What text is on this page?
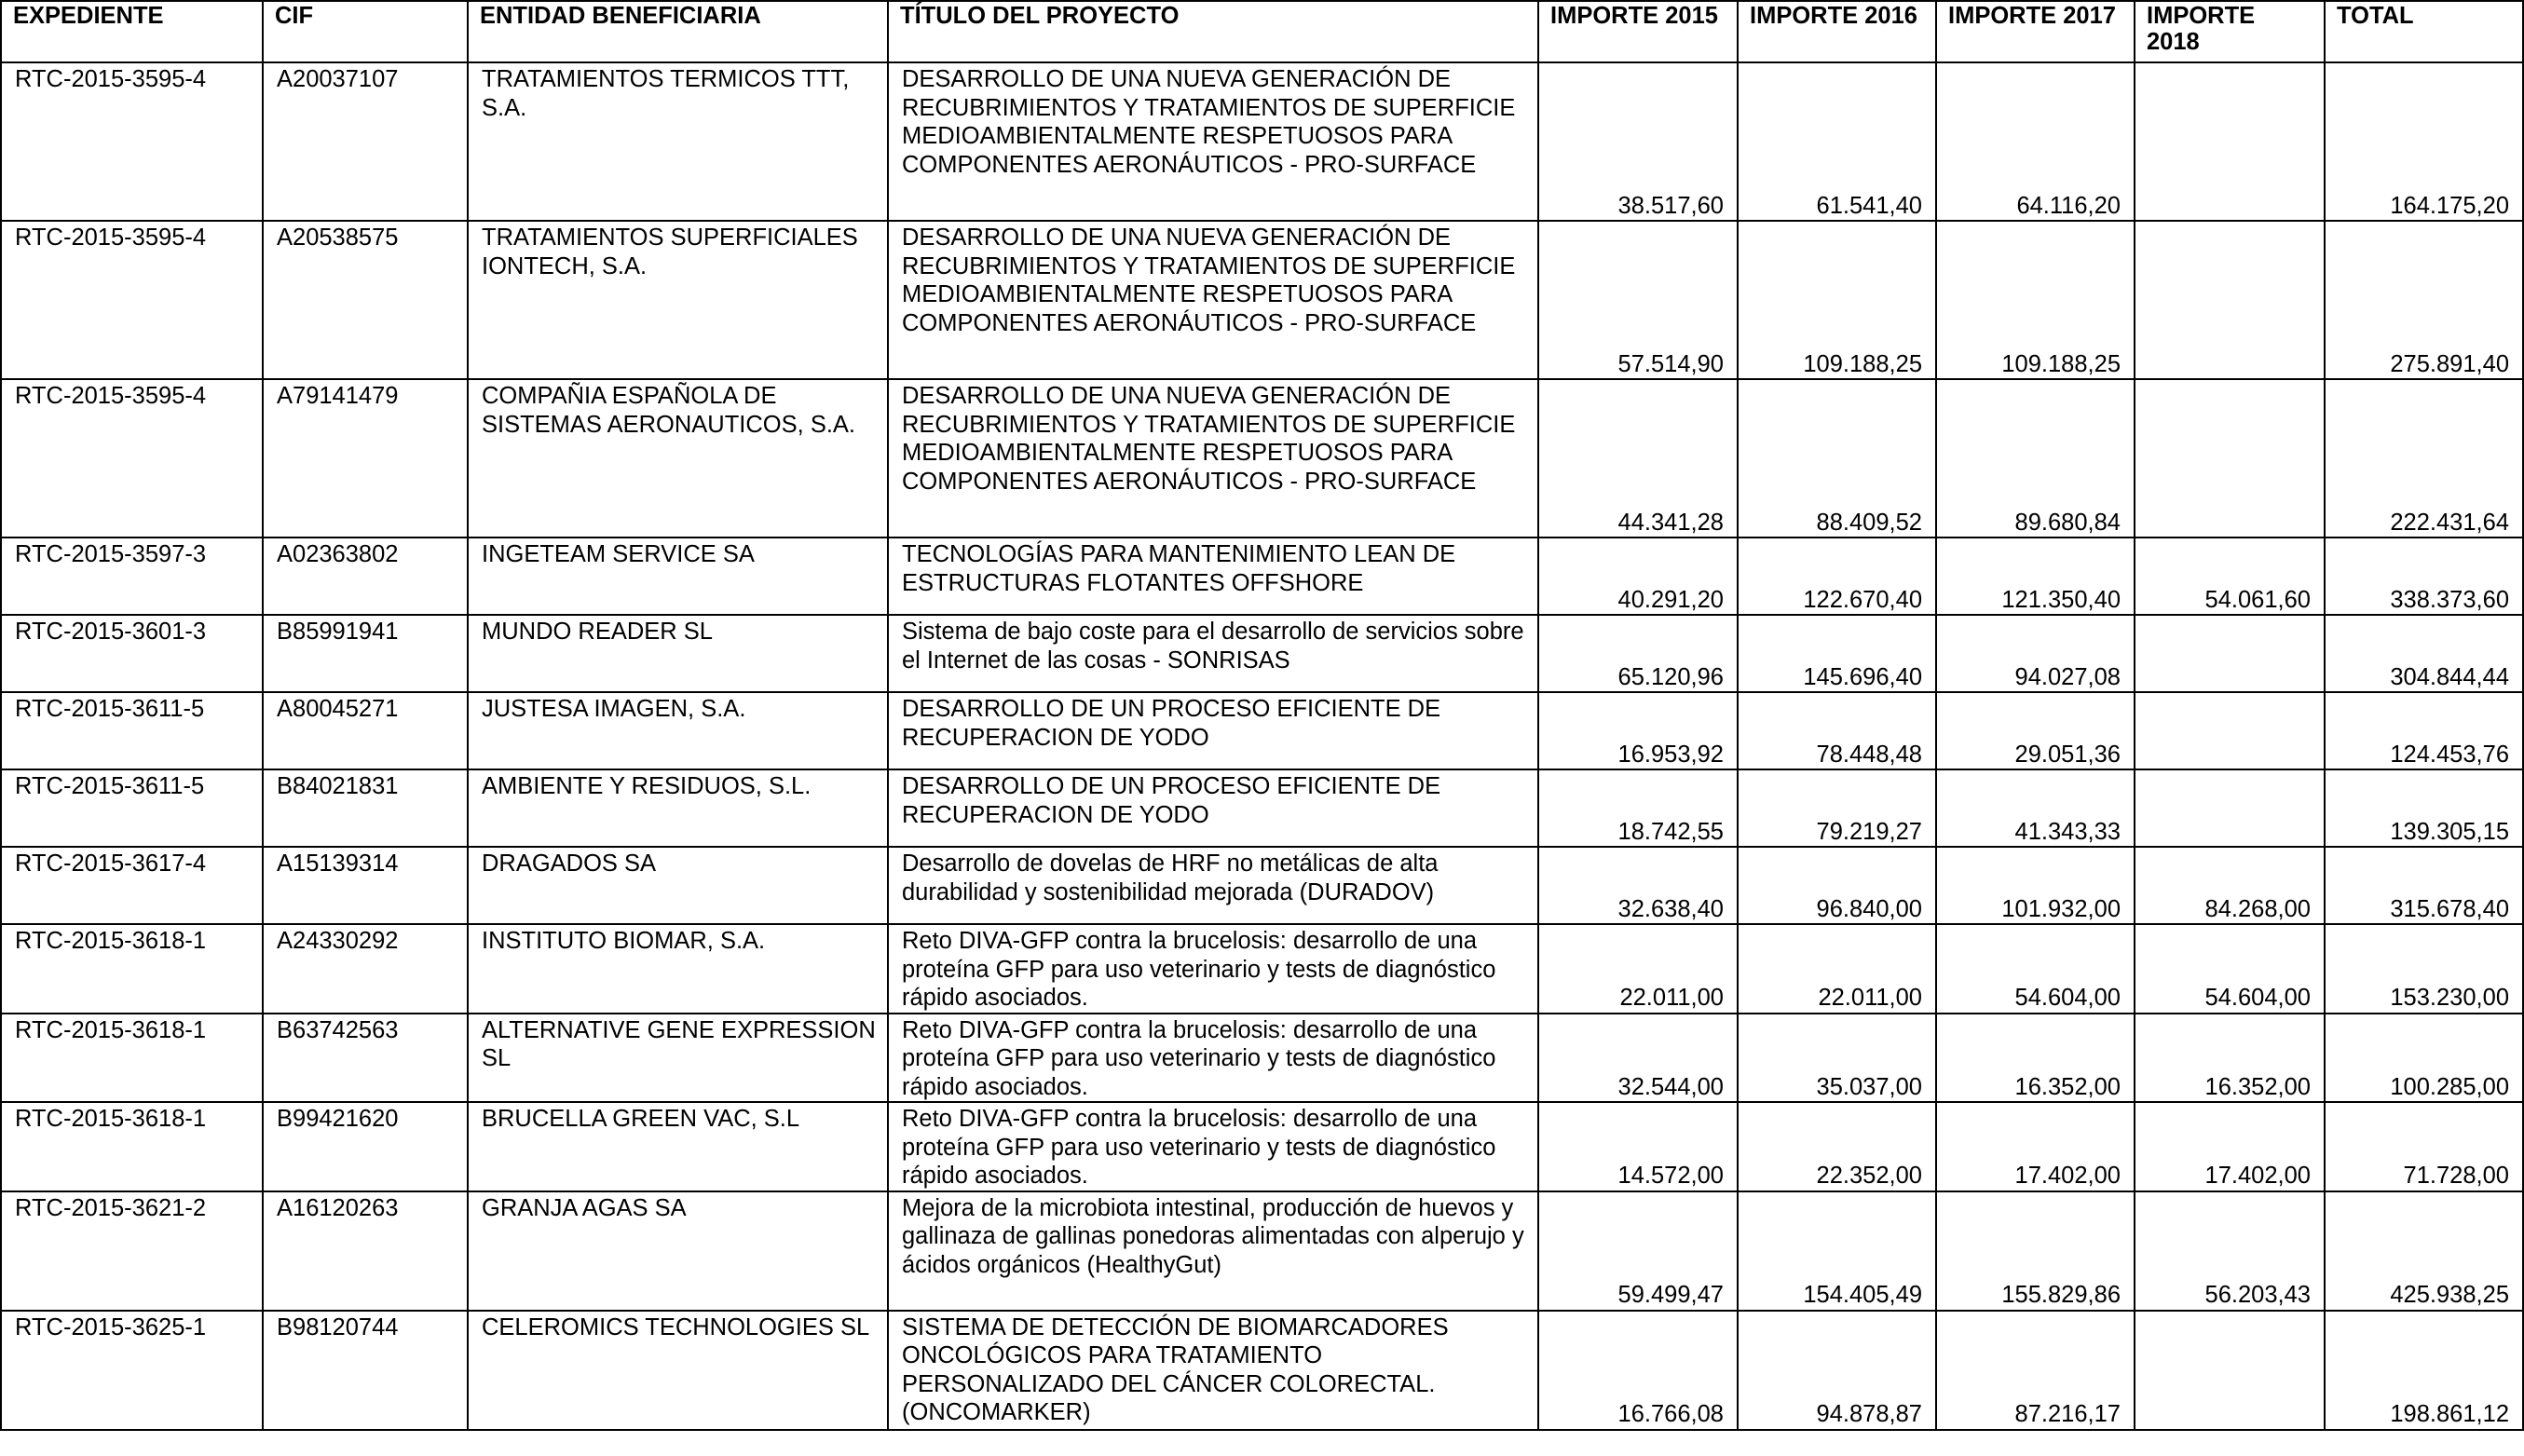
EXPEDIENTE	CIF	ENTIDAD BENEFICIARIA	TÍTULO DEL PROYECTO	IMPORTE 2015	IMPORTE 2016	IMPORTE 2017	IMPORTE 2018	TOTAL
RTC-2015-3595-4	A20037107	TRATAMIENTOS TERMICOS TTT, S.A.	DESARROLLO DE UNA NUEVA GENERACIÓN DE RECUBRIMIENTOS Y TRATAMIENTOS DE SUPERFICIE MEDIOAMBIENTALMENTE RESPETUOSOS PARA COMPONENTES AERONÁUTICOS - PRO-SURFACE	38.517,60	61.541,40	64.116,20		164.175,20
RTC-2015-3595-4	A20538575	TRATAMIENTOS SUPERFICIALES IONTECH, S.A.	DESARROLLO DE UNA NUEVA GENERACIÓN DE RECUBRIMIENTOS Y TRATAMIENTOS DE SUPERFICIE MEDIOAMBIENTALMENTE RESPETUOSOS PARA COMPONENTES AERONÁUTICOS - PRO-SURFACE	57.514,90	109.188,25	109.188,25		275.891,40
RTC-2015-3595-4	A79141479	COMPAÑIA ESPAÑOLA DE SISTEMAS AERONAUTICOS, S.A.	DESARROLLO DE UNA NUEVA GENERACIÓN DE RECUBRIMIENTOS Y TRATAMIENTOS DE SUPERFICIE MEDIOAMBIENTALMENTE RESPETUOSOS PARA COMPONENTES AERONÁUTICOS - PRO-SURFACE	44.341,28	88.409,52	89.680,84		222.431,64
RTC-2015-3597-3	A02363802	INGETEAM SERVICE SA	TECNOLOGÍAS PARA MANTENIMIENTO LEAN DE ESTRUCTURAS FLOTANTES OFFSHORE	40.291,20	122.670,40	121.350,40	54.061,60	338.373,60
RTC-2015-3601-3	B85991941	MUNDO READER SL	Sistema de bajo coste para el desarrollo de servicios sobre el Internet de las cosas - SONRISAS	65.120,96	145.696,40	94.027,08		304.844,44
RTC-2015-3611-5	A80045271	JUSTESA IMAGEN, S.A.	DESARROLLO DE UN PROCESO EFICIENTE DE RECUPERACION DE YODO	16.953,92	78.448,48	29.051,36		124.453,76
RTC-2015-3611-5	B84021831	AMBIENTE Y RESIDUOS, S.L.	DESARROLLO DE UN PROCESO EFICIENTE DE RECUPERACION DE YODO	18.742,55	79.219,27	41.343,33		139.305,15
RTC-2015-3617-4	A15139314	DRAGADOS SA	Desarrollo de dovelas de HRF no metálicas de alta durabilidad y sostenibilidad mejorada (DURADOV)	32.638,40	96.840,00	101.932,00	84.268,00	315.678,40
RTC-2015-3618-1	A24330292	INSTITUTO BIOMAR, S.A.	Reto DIVA-GFP contra la brucelosis: desarrollo de una proteína GFP para uso veterinario y tests de diagnóstico rápido asociados.	22.011,00	22.011,00	54.604,00	54.604,00	153.230,00
RTC-2015-3618-1	B63742563	ALTERNATIVE GENE EXPRESSION SL	Reto DIVA-GFP contra la brucelosis: desarrollo de una proteína GFP para uso veterinario y tests de diagnóstico rápido asociados.	32.544,00	35.037,00	16.352,00	16.352,00	100.285,00
RTC-2015-3618-1	B99421620	BRUCELLA GREEN VAC, S.L	Reto DIVA-GFP contra la brucelosis: desarrollo de una proteína GFP para uso veterinario y tests de diagnóstico rápido asociados.	14.572,00	22.352,00	17.402,00	17.402,00	71.728,00
RTC-2015-3621-2	A16120263	GRANJA AGAS SA	Mejora de la microbiota intestinal, producción de huevos y gallinaza de gallinas ponedoras alimentadas con alperujo y ácidos orgánicos (HealthyGut)	59.499,47	154.405,49	155.829,86	56.203,43	425.938,25
RTC-2015-3625-1	B98120744	CELEROMICS TECHNOLOGIES SL	SISTEMA DE DETECCIÓN DE BIOMARCADORES ONCOLÓGICOS PARA TRATAMIENTO PERSONALIZADO DEL CÁNCER COLORECTAL. (ONCOMARKER)	16.766,08	94.878,87	87.216,17		198.861,12
